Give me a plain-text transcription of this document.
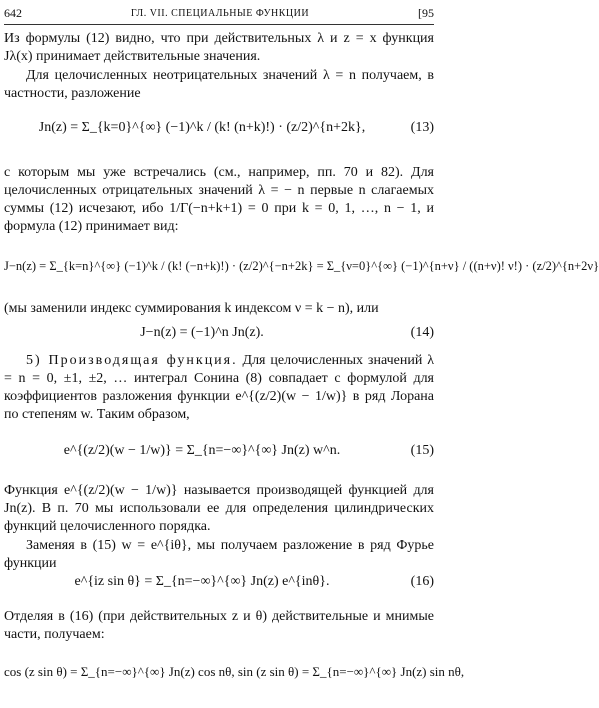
642	ГЛ. VII. СПЕЦИАЛЬНЫЕ ФУНКЦИИ	[95
Из формулы (12) видно, что при действительных λ и z = x функция Jλ(x) принимает действительные значения.
Для целочисленных неотрицательных значений λ = n получаем, в частности, разложение
Jn(z) = Σ_{k=0}^{∞} (−1)^k / (k! (n+k)!) · (z/2)^{n+2k},	(13)
с которым мы уже встречались (см., например, пп. 70 и 82). Для целочисленных отрицательных значений λ = − n первые n слагаемых суммы (12) исчезают, ибо 1/Γ(−n+k+1) = 0 при k = 0, 1, …, n − 1, и формула (12) принимает вид:
J−n(z) = Σ_{k=n}^{∞} (−1)^k / (k! (−n+k)!) · (z/2)^{−n+2k} = Σ_{ν=0}^{∞} (−1)^{n+ν} / ((n+ν)! ν!) · (z/2)^{n+2ν}
(мы заменили индекс суммирования k индексом ν = k − n), или
J−n(z) = (−1)^n Jn(z).	(14)
5) Производящая функция. Для целочисленных значений λ = n = 0, ±1, ±2, … интеграл Сонина (8) совпадает с формулой для коэффициентов разложения функции e^{(z/2)(w − 1/w)} в ряд Лорана по степеням w. Таким образом,
e^{(z/2)(w − 1/w)} = Σ_{n=−∞}^{∞} Jn(z) w^n.	(15)
Функция e^{(z/2)(w − 1/w)} называется производящей функцией для Jn(z). В п. 70 мы использовали ее для определения цилиндрических функций целочисленного порядка.
Заменяя в (15) w = e^{iθ}, мы получаем разложение в ряд Фурье функции
e^{iz sin θ} = Σ_{n=−∞}^{∞} Jn(z) e^{inθ}.	(16)
Отделяя в (16) (при действительных z и θ) действительные и мнимые части, получаем:
cos (z sin θ) = Σ_{n=−∞}^{∞} Jn(z) cos nθ, sin (z sin θ) = Σ_{n=−∞}^{∞} Jn(z) sin nθ,
